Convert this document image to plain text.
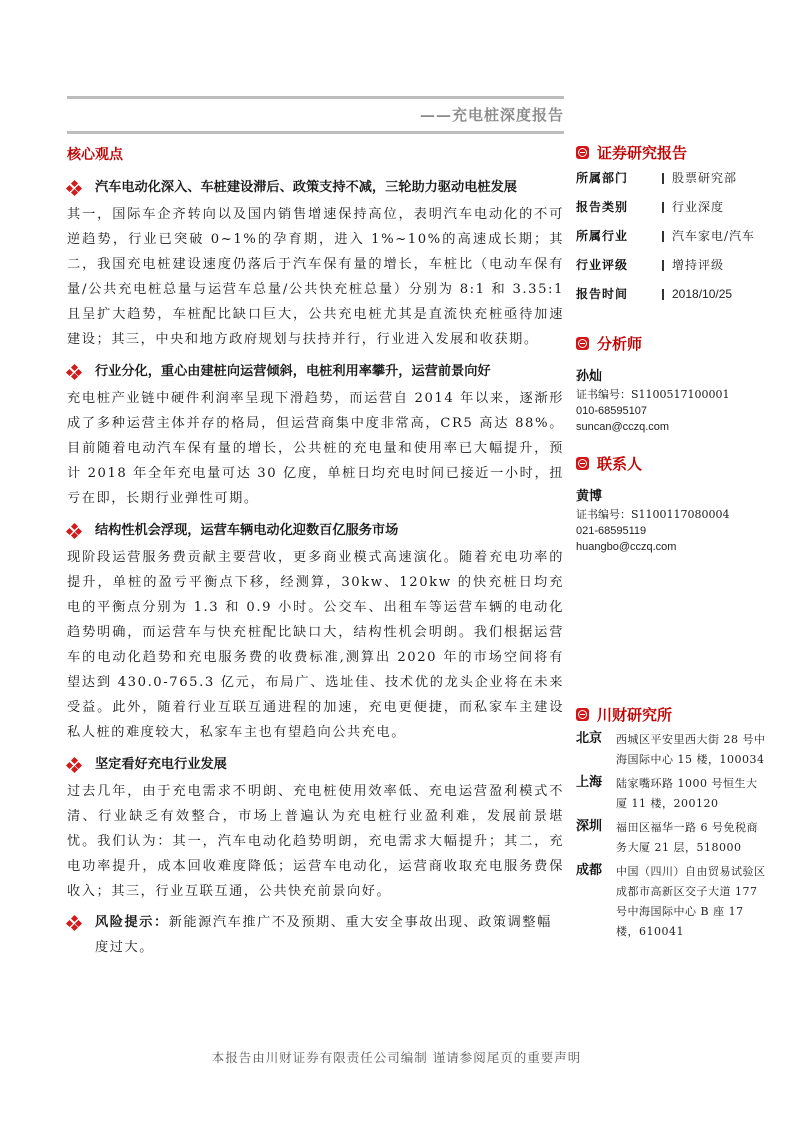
——充电桩深度报告
核心观点
汽车电动化深入、车桩建设滞后、政策支持不减，三轮助力驱动电桩发展

其一，国际车企齐转向以及国内销售增速保持高位，表明汽车电动化的不可逆趋势，行业已突破 0~1%的孕育期，进入 1%~10%的高速成长期；其二，我国充电桩建设速度仍落后于汽车保有量的增长，车桩比（电动车保有量/公共充电桩总量与运营车总量/公共快充桩总量）分别为 8:1 和 3.35:1 且呈扩大趋势，车桩配比缺口巨大，公共充电桩尤其是直流快充桩亟待加速建设；其三，中央和地方政府规划与扶持并行，行业进入发展和收获期。

行业分化，重心由建桩向运营倾斜，电桩利用率攀升，运营前景向好

充电桩产业链中硬件利润率呈现下滑趋势，而运营自 2014 年以来，逐渐形成了多种运营主体并存的格局，但运营商集中度非常高，CR5 高达 88%。目前随着电动汽车保有量的增长，公共桩的充电量和使用率已大幅提升，预计 2018 年全年充电量可达 30 亿度，单桩日均充电时间已接近一小时，扭亏在即，长期行业弹性可期。

结构性机会浮现，运营车辆电动化迎数百亿服务市场

现阶段运营服务费贡献主要营收，更多商业模式高速演化。随着充电功率的提升，单桩的盈亏平衡点下移，经测算，30kw、120kw 的快充桩日均充电的平衡点分别为 1.3 和 0.9 小时。公交车、出租车等运营车辆的电动化趋势明确，而运营车与快充桩配比缺口大，结构性机会明朗。我们根据运营车的电动化趋势和充电服务费的收费标准,测算出 2020 年的市场空间将有望达到 430.0-765.3 亿元，布局广、选址佳、技术优的龙头企业将在未来受益。此外，随着行业互联互通进程的加速，充电更便捷，而私家车主建设私人桩的难度较大，私家车主也有望趋向公共充电。

坚定看好充电行业发展

过去几年，由于充电需求不明朗、充电桩使用效率低、充电运营盈利模式不清、行业缺乏有效整合，市场上普遍认为充电桩行业盈利难，发展前景堪忧。我们认为：其一，汽车电动化趋势明朗，充电需求大幅提升；其二，充电功率提升，成本回收难度降低；运营车电动化，运营商收取充电服务费保收入；其三，行业互联互通，公共快充前景向好。

风险提示：新能源汽车推广不及预期、重大安全事故出现、政策调整幅度过大。
证券研究报告
所属部门	股票研究部
报告类别	行业深度
所属行业	汽车家电/汽车
行业评级	增持评级
报告时间	2018/10/25
分析师
孙灿
证书编号：S1100517100001
010-68595107
suncan@cczq.com
联系人
黄博
证书编号：S1100117080004
021-68595119
huangbo@cczq.com
川财研究所
北京	西城区平安里西大街 28 号中海国际中心 15 楼，100034
上海	陆家嘴环路 1000 号恒生大厦 11 楼，200120
深圳	福田区福华一路 6 号免税商务大厦 21 层，518000
成都	中国（四川）自由贸易试验区成都市高新区交子大道 177 号中海国际中心 B 座 17 楼，610041
本报告由川财证券有限责任公司编制 谨请参阅尾页的重要声明
